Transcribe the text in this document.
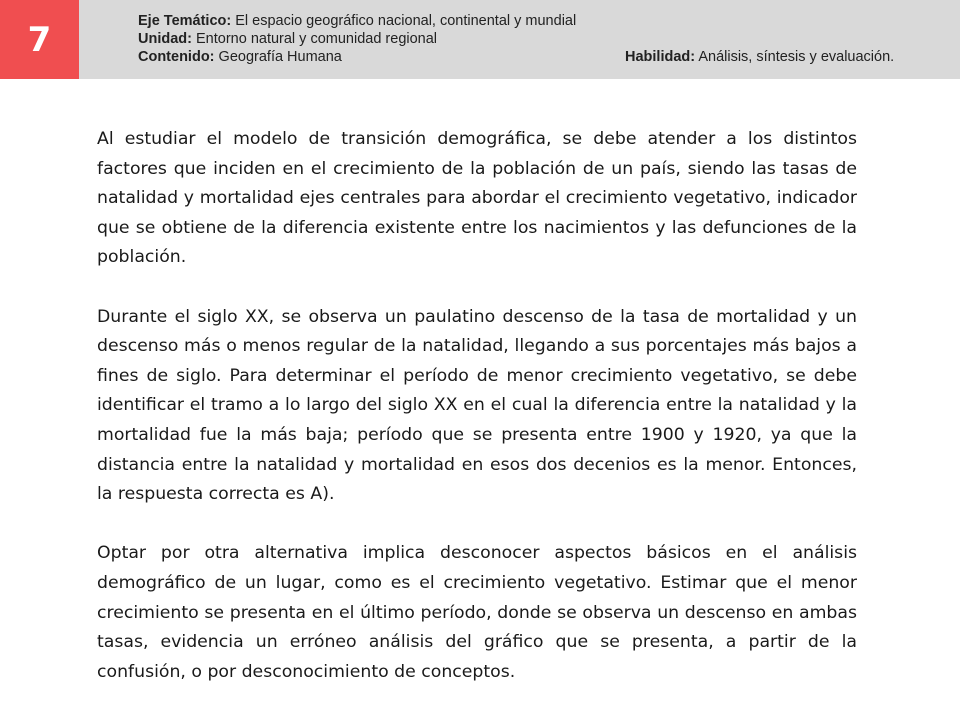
7	Eje Temático: El espacio geográfico nacional, continental y mundial
Unidad: Entorno natural y comunidad regional
Contenido: Geografía Humana	Habilidad: Análisis, síntesis y evaluación.

Al estudiar el modelo de transición demográfica, se debe atender a los distintos factores que inciden en el crecimiento de la población de un país, siendo las tasas de natalidad y mortalidad ejes centrales para abordar el crecimiento vegetativo, indicador que se obtiene de la diferencia existente entre los nacimientos y las defunciones de la población.

Durante el siglo XX, se observa un paulatino descenso de la tasa de mortalidad y un descenso más o menos regular de la natalidad, llegando a sus porcentajes más bajos a fines de siglo. Para determinar el período de menor crecimiento vegetativo, se debe identificar el tramo a lo largo del siglo XX en el cual la diferencia entre la natalidad y la mortalidad fue la más baja; período que se presenta entre 1900 y 1920, ya que la distancia entre la natalidad y mortalidad en esos dos decenios es la menor. Entonces, la respuesta correcta es A).

Optar por otra alternativa implica desconocer aspectos básicos en el análisis demográfico de un lugar, como es el crecimiento vegetativo. Estimar que el menor crecimiento se presenta en el último período, donde se observa un descenso en ambas tasas, evidencia un erróneo análisis del gráfico que se presenta, a partir de la confusión, o por desconocimiento de conceptos.
